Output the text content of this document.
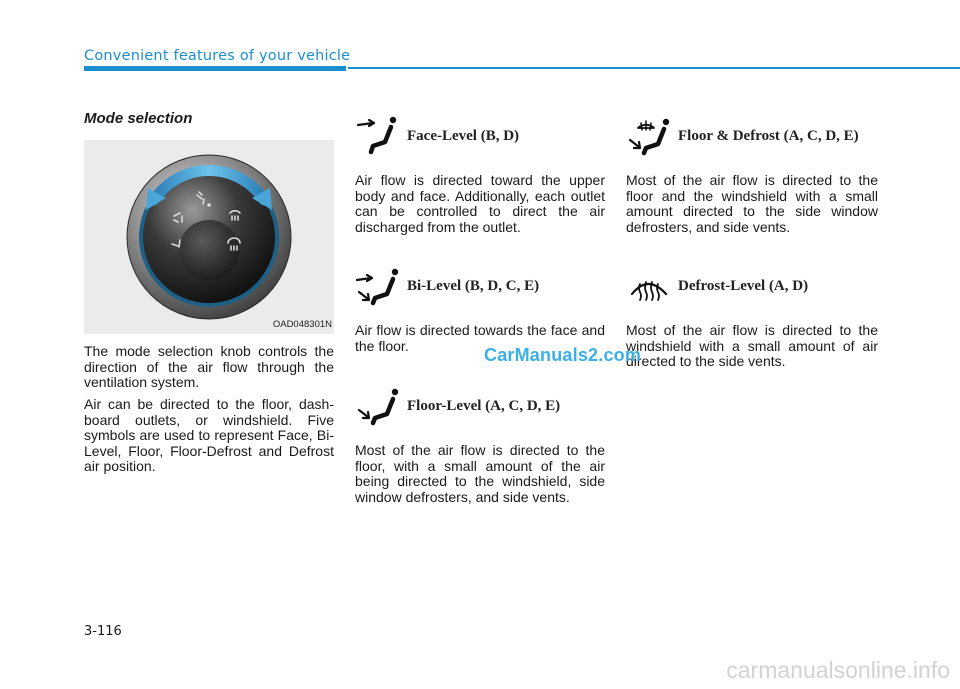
Convenient features of your vehicle
Mode selection
OAD048301N

The mode selection knob controls the direction of the air flow through the ventilation system.

Air can be directed to the floor, dash-board outlets, or windshield. Five symbols are used to represent Face, Bi-Level, Floor, Floor-Defrost and Defrost air position.

Face-Level (B, D)

Air flow is directed toward the upper body and face. Additionally, each outlet can be controlled to direct the air discharged from the outlet.

Bi-Level (B, D, C, E)

Air flow is directed towards the face and the floor.

Floor-Level (A, C, D, E)

Most of the air flow is directed to the floor, with a small amount of the air being directed to the windshield, side window defrosters, and side vents.

Floor & Defrost (A, C, D, E)

Most of the air flow is directed to the floor and the windshield with a small amount directed to the side window defrosters, and side vents.

Defrost-Level (A, D)

Most of the air flow is directed to the windshield with a small amount of air directed to the side vents.

CarManuals2.com
3-116
carmanualsonline.info
